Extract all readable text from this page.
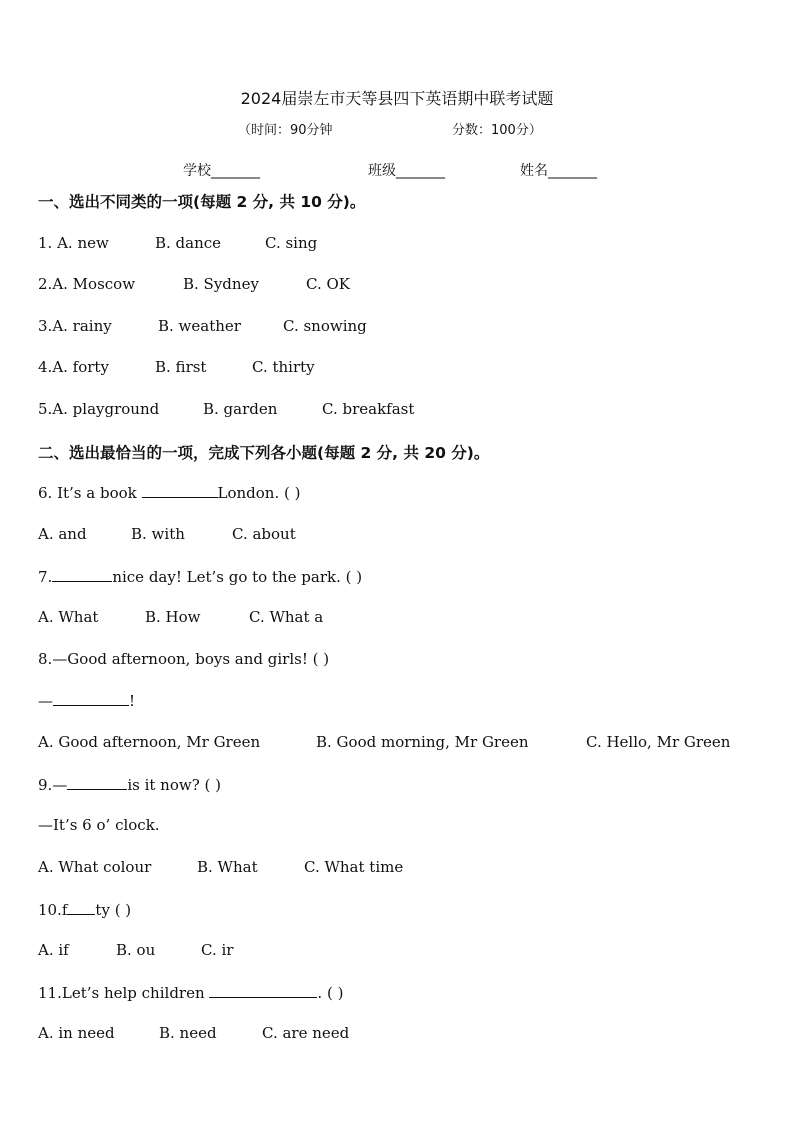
2024届崇左市天等县四下英语期中联考试题
（时间：90分钟	分数：100分）
学校_______	班级_______	姓名_______
一、选出不同类的一项(每题 2 分, 共 10 分)。
1. A. new	B. dance	C. sing
2.A. Moscow	B. Sydney	C. OK
3.A. rainy	B. weather	C. snowing
4.A. forty	B. first	C. thirty
5.A. playground	B. garden	C. breakfast
二、选出最恰当的一项，完成下列各小题(每题 2 分, 共 20 分)。
6. It’s a book	London. ( )
A. and	B. with	C. about
7.	nice day! Let’s go to the park. ( )
A. What	B. How	C. What a
8.—Good afternoon, boys and girls! ( )
—	!
A. Good afternoon, Mr Green	B. Good morning, Mr Green	C. Hello, Mr Green
9.—	is it now? ( )
—It’s 6 o’ clock.
A. What colour	B. What	C. What time
10.f ty ( )
A. if	B. ou	C. ir
11.Let’s help children	. ( )
A. in need	B. need	C. are need
